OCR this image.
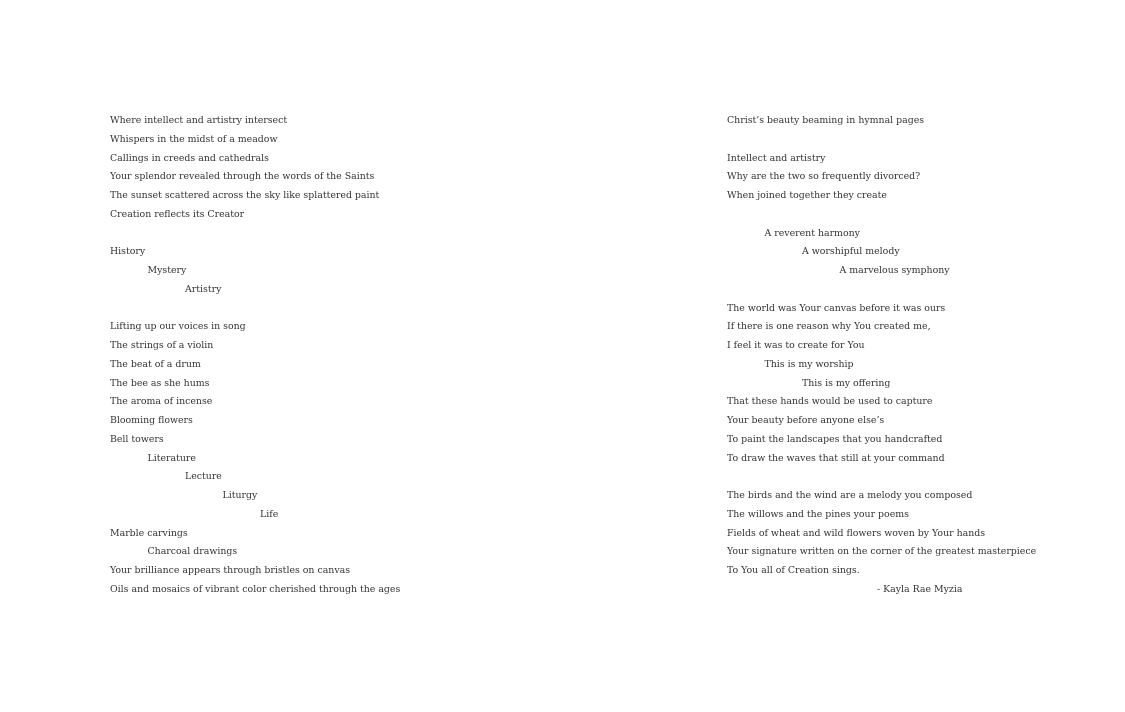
Where intellect and artistry intersect
Whispers in the midst of a meadow
Callings in creeds and cathedrals
Your splendor revealed through the words of the Saints
The sunset scattered across the sky like splattered paint
Creation reflects its Creator
History
Mystery
Artistry
Lifting up our voices in song
The strings of a violin
The beat of a drum
The bee as she hums
The aroma of incense
Blooming flowers
Bell towers
Literature
Lecture
Liturgy
Life
Marble carvings
Charcoal drawings
Your brilliance appears through bristles on canvas
Oils and mosaics of vibrant color cherished through the ages
Christ’s beauty beaming in hymnal pages
Intellect and artistry
Why are the two so frequently divorced?
When joined together they create
A reverent harmony
A worshipful melody
A marvelous symphony
The world was Your canvas before it was ours
If there is one reason why You created me,
I feel it was to create for You
This is my worship
This is my offering
That these hands would be used to capture
Your beauty before anyone else’s
To paint the landscapes that you handcrafted
To draw the waves that still at your command
The birds and the wind are a melody you composed
The willows and the pines your poems
Fields of wheat and wild flowers woven by Your hands
Your signature written on the corner of the greatest masterpiece
To You all of Creation sings.
- Kayla Rae Myzia
